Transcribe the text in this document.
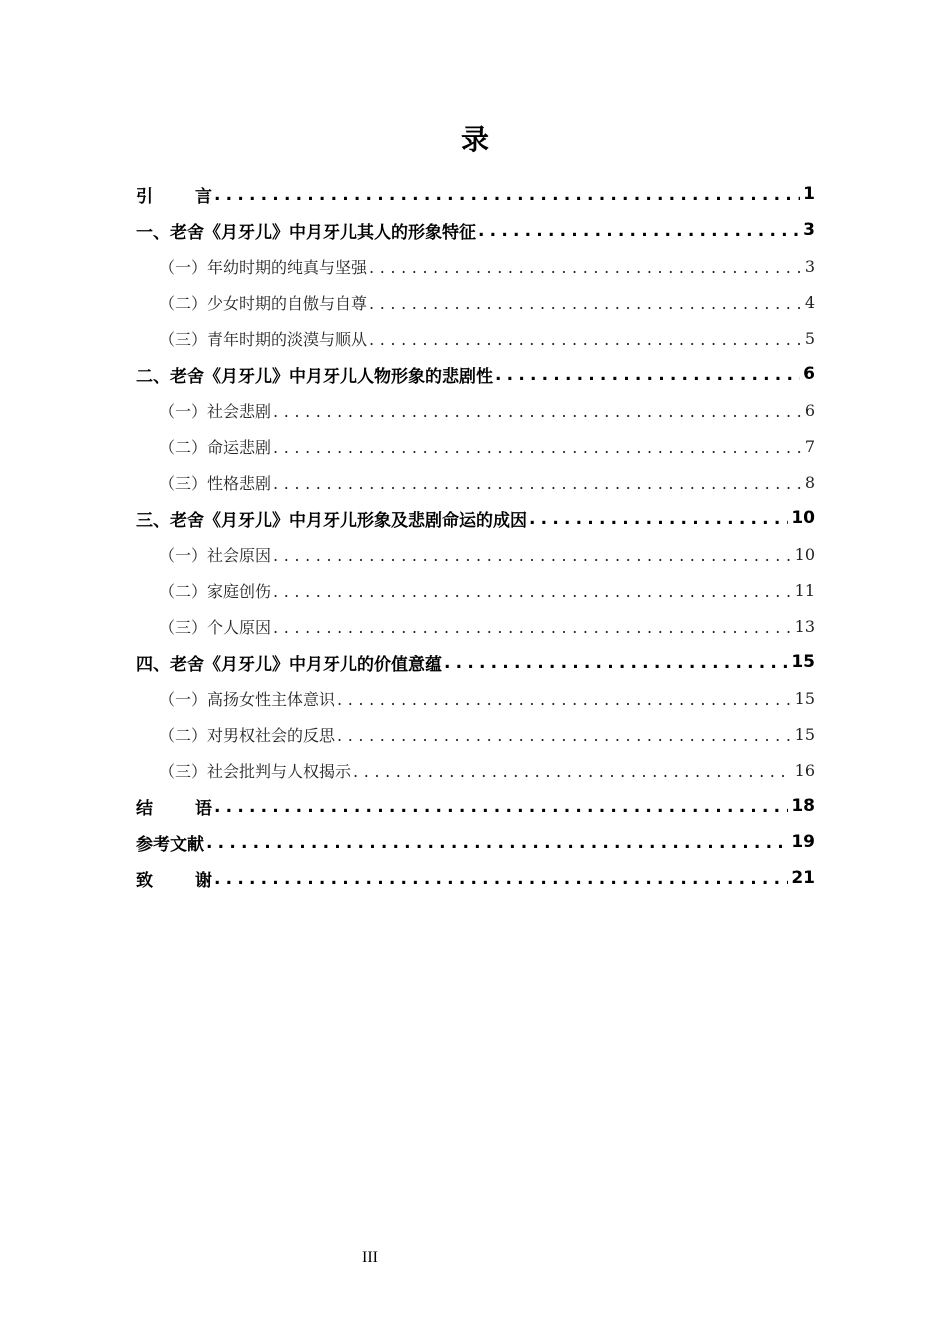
录
引 言 .....	1
一、老舍《月牙儿》中月牙儿其人的形象特征 .....	3
（一）年幼时期的纯真与坚强 .....	3
（二）少女时期的自傲与自尊 .....	4
（三）青年时期的淡漠与顺从 .....	5
二、老舍《月牙儿》中月牙儿人物形象的悲剧性 .....	6
（一）社会悲剧 .....	6
（二）命运悲剧 .....	7
（三）性格悲剧 .....	8
三、老舍《月牙儿》中月牙儿形象及悲剧命运的成因 .....	10
（一）社会原因 .....	10
（二）家庭创伤 .....	11
（三）个人原因 .....	13
四、老舍《月牙儿》中月牙儿的价值意蕴 .....	15
（一）高扬女性主体意识 .....	15
（二）对男权社会的反思 .....	15
（三）社会批判与人权揭示 .....	16
结 语 .....	18
参考文献 .....	19
致 谢 .....	21
III
